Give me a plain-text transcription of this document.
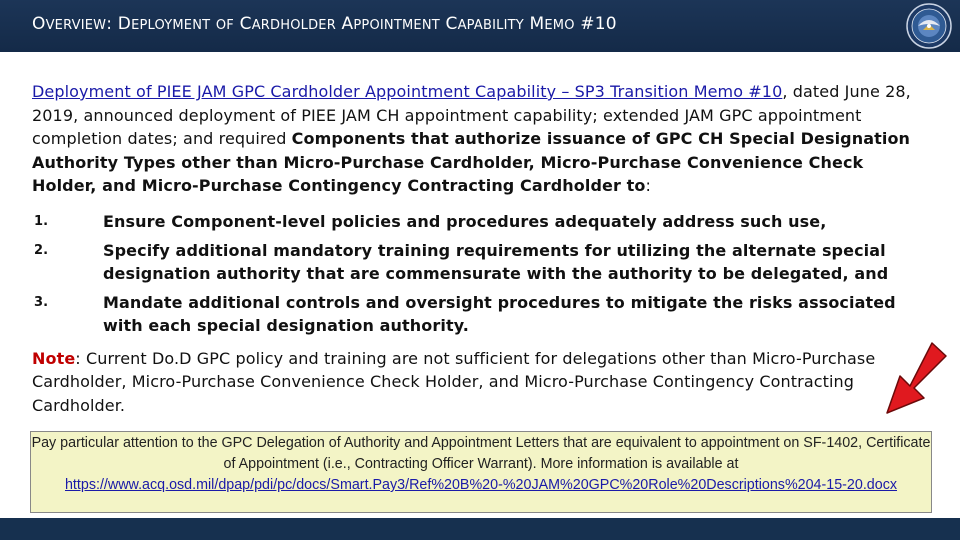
OVERVIEW: DEPLOYMENT OF CARDHOLDER APPOINTMENT CAPABILITY MEMO #10
Deployment of PIEE JAM GPC Cardholder Appointment Capability – SP3 Transition Memo #10, dated June 28, 2019, announced deployment of PIEE JAM CH appointment capability; extended JAM GPC appointment completion dates; and required Components that authorize issuance of GPC CH Special Designation Authority Types other than Micro-Purchase Cardholder, Micro-Purchase Convenience Check Holder, and Micro-Purchase Contingency Contracting Cardholder to:
1.	Ensure Component-level policies and procedures adequately address such use,
2.	Specify additional mandatory training requirements for utilizing the alternate special designation authority that are commensurate with the authority to be delegated, and
3.	Mandate additional controls and oversight procedures to mitigate the risks associated with each special designation authority.
Note: Current Do.D GPC policy and training are not sufficient for delegations other than Micro-Purchase Cardholder, Micro-Purchase Convenience Check Holder, and Micro-Purchase Contingency Contracting Cardholder.
Pay particular attention to the GPC Delegation of Authority and Appointment Letters that are equivalent to appointment on SF-1402, Certificate of Appointment (i.e., Contracting Officer Warrant). More information is available at
https://www.acq.osd.mil/dpap/pdi/pc/docs/Smart.Pay3/Ref%20B%20-%20JAM%20GPC%20Role%20Descriptions%204-15-20.docx
